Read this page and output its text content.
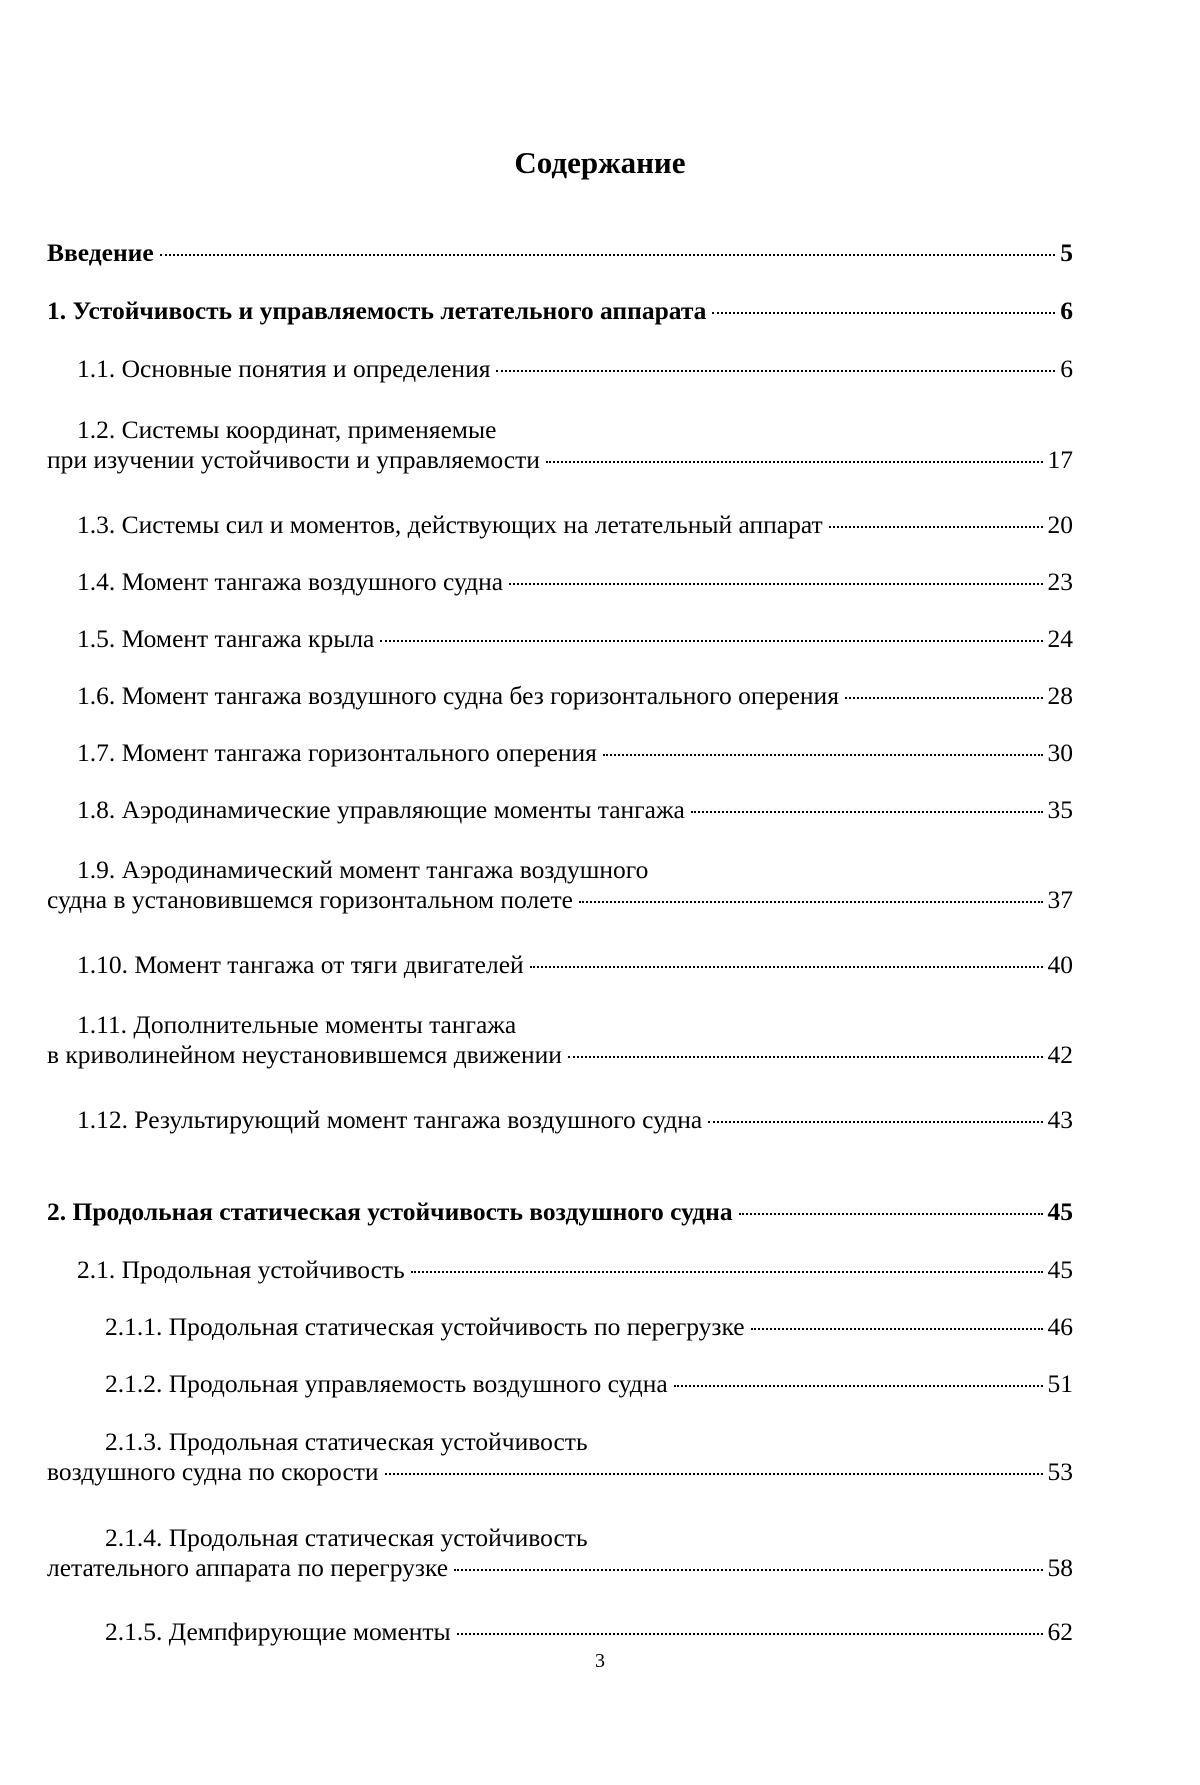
Содержание
Введение	5
1. Устойчивость и управляемость летательного аппарата	6
1.1. Основные понятия и определения	6
1.2. Системы координат, применяемые
при изучении устойчивости и управляемости	17
1.3. Системы сил и моментов, действующих на летательный аппарат	20
1.4. Момент тангажа воздушного судна	23
1.5. Момент тангажа крыла	24
1.6. Момент тангажа воздушного судна без горизонтального оперения	28
1.7. Момент тангажа горизонтального оперения	30
1.8. Аэродинамические управляющие моменты тангажа	35
1.9. Аэродинамический момент тангажа воздушного
судна в установившемся горизонтальном полете	37
1.10. Момент тангажа от тяги двигателей	40
1.11. Дополнительные моменты тангажа
в криволинейном неустановившемся движении	42
1.12. Результирующий момент тангажа воздушного судна	43
2. Продольная статическая устойчивость воздушного судна	45
2.1. Продольная устойчивость	45
2.1.1. Продольная статическая устойчивость по перегрузке	46
2.1.2. Продольная управляемость воздушного судна	51
2.1.3. Продольная статическая устойчивость
воздушного судна по скорости	53
2.1.4. Продольная статическая устойчивость
летательного аппарата по перегрузке	58
2.1.5. Демпфирующие моменты	62
3
